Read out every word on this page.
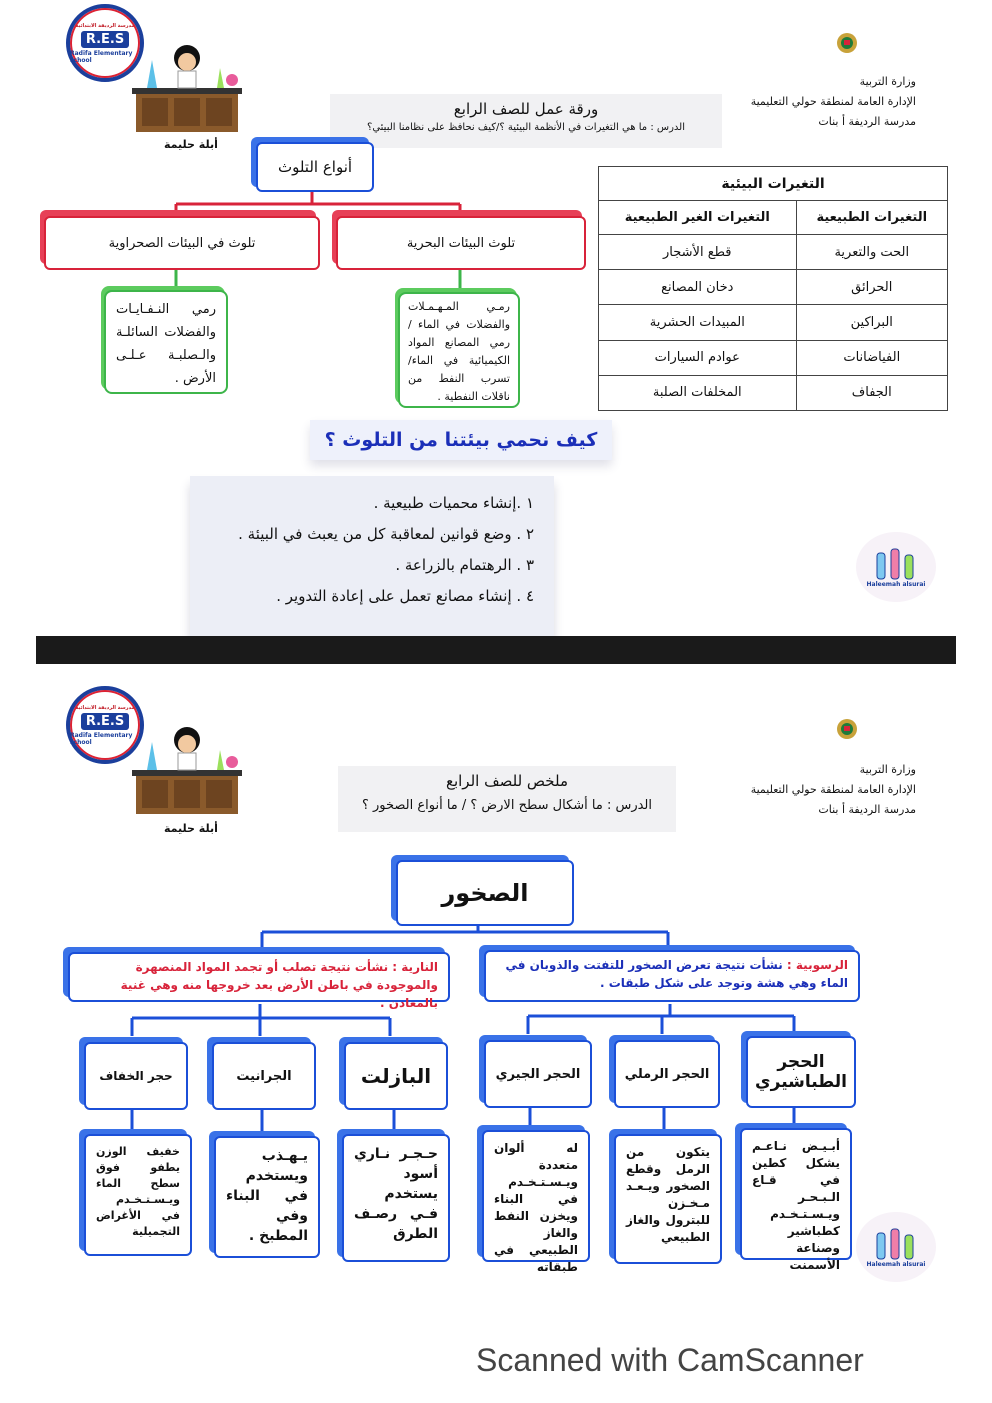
مدرسة الرديفة الابتدائية
R.E.S
Radifa Elementary school
أبلة حليمة
وزارة التربية
الإدارة العامة لمنطقة حولي التعليمية
مدرسة الرديفة أ بنات
ورقة عمل للصف الرابع
الدرس : ما هي التغيرات في الأنظمة البيئية ؟/كيف نحافظ على نظامنا البيئي؟
أنواع التلوث
تلوث البيئات البحرية
تلوث في البيئات الصحراوية
رمـي المـهـمـلات والفضلات في الماء / رمي المصانع المواد الكيميائية في الماء/ تسرب النفط من ناقلات النفطية .
رمي النـفـايـات والفضلات السائلـة والـصلبـة عـلـى الأرض .
التغيرات البيئية	
التغيرات الطبيعية	التغيرات الغير الطبيعية
الحت والتعرية	قطع الأشجار
الحرائق	دخان المصانع
البراكين	المبيدات الحشرية
الفياضانات	عوادم السيارات
الجفاف	المخلفات الصلبة
كيف نحمي بيئتنا من التلوث ؟
١ .إنشاء محميات طبيعية .
٢ . وضع قوانين لمعاقبة كل من يعبث في البيئة .
٣ . الرهتمام بالزراعة .
٤ . إنشاء مصانع تعمل على إعادة التدوير .
Haleemah alsurai
مدرسة الرديفة الابتدائية
R.E.S
Radifa Elementary school
أبلة حليمة
وزارة التربية
الإدارة العامة لمنطقة حولي التعليمية
مدرسة الرديفة أ بنات
ملخص للصف الرابع
الدرس : ما أشكال سطح الارض ؟ / ما أنواع الصخور ؟
الصخور
الرسوبية : نشأت نتيجة تعرض الصخور للتفتت والذوبان في الماء وهي هشة وتوجد على شكل طبقات .
النارية : نشأت نتيجة تصلب أو تجمد المواد المنصهرة والموجودة في باطن الأرض بعد خروجها منه وهي غنية بالمعادن .
الحجر الطباشيري
الحجر الرملي
الحجر الجيري
البازلت
الجرانيت
حجر الخفاف
أبـيـض نـاعـم يشكل كطين في قـاع الـبـحـر ويـسـتـخـدم كطباشير وصناعة الأسمنت
يتكون من الرمل وقطع الصخور ويـعـد مـخـزن للبترول والغاز الطبيعي
له ألوان متعددة ويـسـتـخـدم في البناء ويخزن النفط والغاز الطبيعي في طبقاته
حـجـر نـاري أسود يستخدم فـي رصـف الطرق
يـهـذب ويستخدم في البناء وفي المطبخ .
خفيف الوزن يطفو فوق سطح الماء ويـسـتـخـدم في الأغراض التجميلية
Haleemah alsurai
Scanned with CamScanner
